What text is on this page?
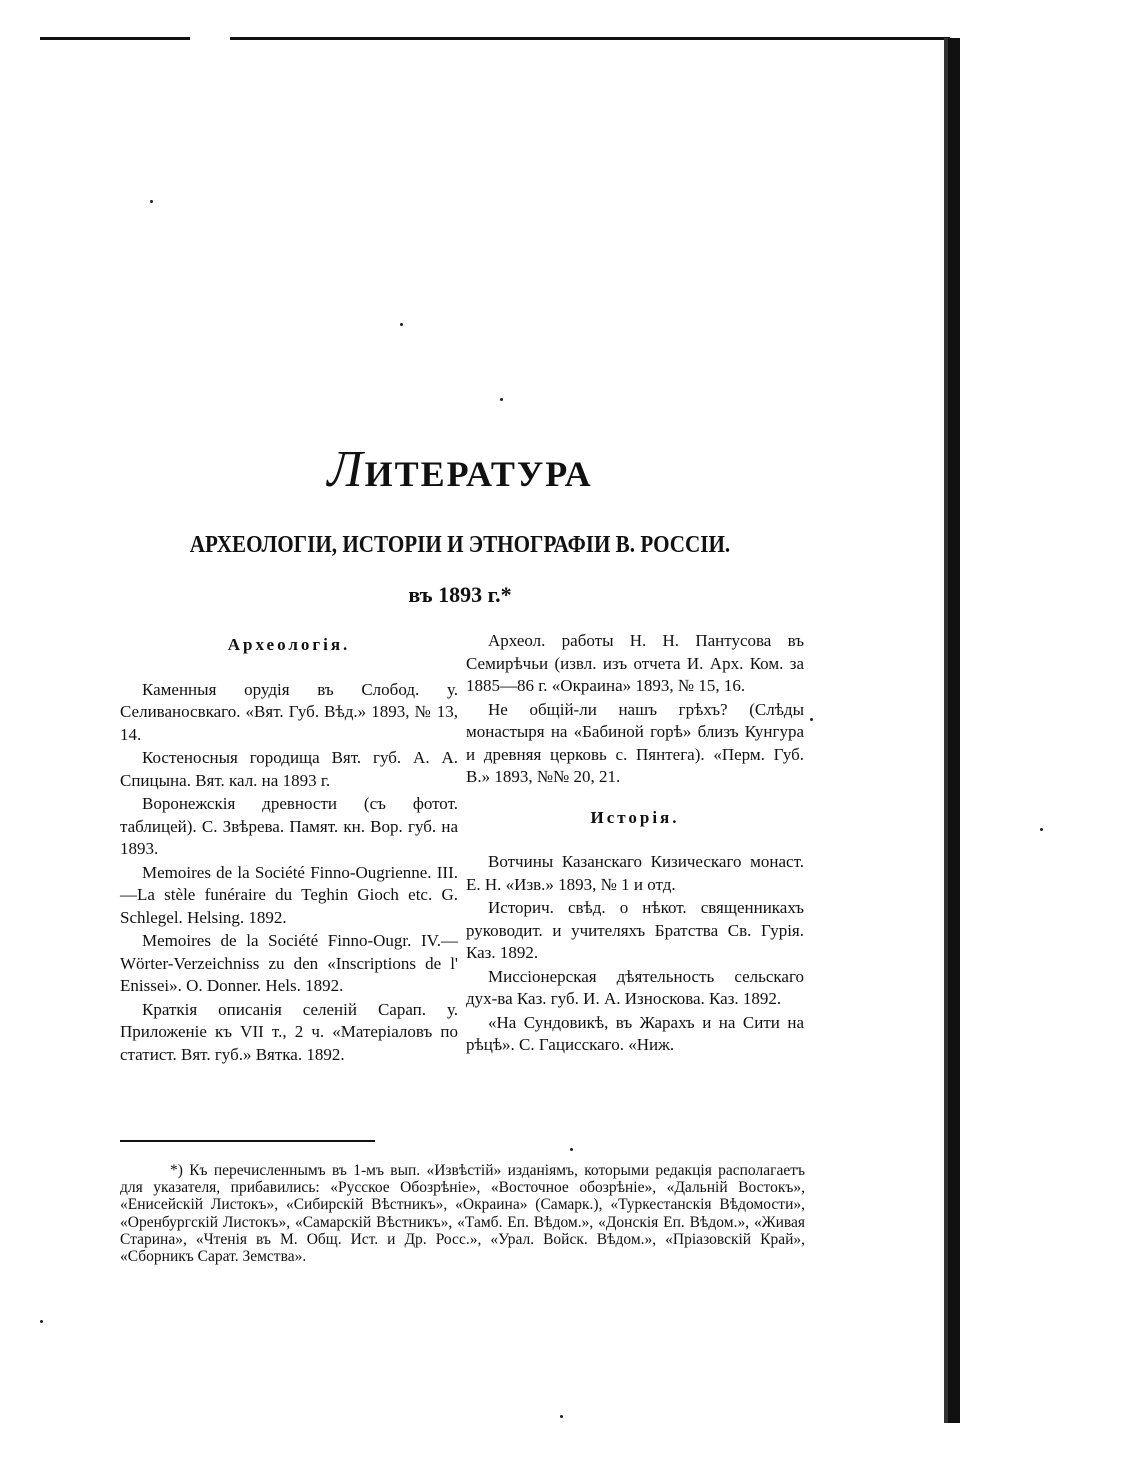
ЛИТЕРАТУРА
АРХЕОЛОГІИ, ИСТОРІИ И ЭТНОГРАФІИ В. РОССІИ.
въ 1893 г.*
Археологія.

Каменныя орудія въ Слобод. у. Селиваносвкаго. «Вят. Губ. Вѣд.» 1893, № 13, 14.

Костеносныя городища Вят. губ. А. А. Спицына. Вят. кал. на 1893 г.

Воронежскія древности (съ фотот. таблицей). С. Звѣрева. Памят. кн. Вор. губ. на 1893.

Memoires de la Société Finno-Ougrienne. III.—La stèle funéraire du Teghin Gioch etc. G. Schlegel. Helsing. 1892.

Memoires de la Société Finno-Ougr. IV.—Wörter-Verzeichniss zu den «Inscriptions de l' Enissei». O. Donner. Hels. 1892.

Краткія описанія селеній Сарап. у. Приложеніе къ VII т., 2 ч. «Матеріаловъ по статист. Вят. губ.» Вятка. 1892.

Археол. работы Н. Н. Пантусова въ Семирѣчьи (извл. изъ отчета И. Арх. Ком. за 1885—86 г. «Окраина» 1893, № 15, 16.

Не общій-ли нашъ грѣхъ? (Слѣды монастыря на «Бабиной горѣ» близъ Кунгура и древняя церковь с. Пянтега). «Перм. Губ. В.» 1893, №№ 20, 21.

Исторія.

Вотчины Казанскаго Кизическаго монаст. Е. Н. «Изв.» 1893, № 1 и отд.

Историч. свѣд. о нѣкот. священникахъ руководит. и учителяхъ Братства Св. Гурія. Каз. 1892.

Миссіонерская дѣятельность сельскаго дух-ва Каз. губ. И. А. Износкова. Каз. 1892.

«На Сундовикѣ, въ Жарахъ и на Сити на рѣцѣ». С. Гацисскаго. «Ниж.

*) Къ перечисленнымъ въ 1-мъ вып. «Извѣстій» изданіямъ, которыми редакція располагаетъ для указателя, прибавились: «Русское Обозрѣніе», «Восточное обозрѣніе», «Дальній Востокъ», «Енисейскій Листокъ», «Сибирскій Вѣстникъ», «Окраина» (Самарк.), «Туркестанскія Вѣдомости», «Оренбургскій Листокъ», «Самарскій Вѣстникъ», «Тамб. Еп. Вѣдом.», «Донскія Еп. Вѣдом.», «Живая Старина», «Чтенія въ М. Общ. Ист. и Др. Росс.», «Урал. Войск. Вѣдом.», «Пріазовскій Край», «Сборникъ Сарат. Земства».
